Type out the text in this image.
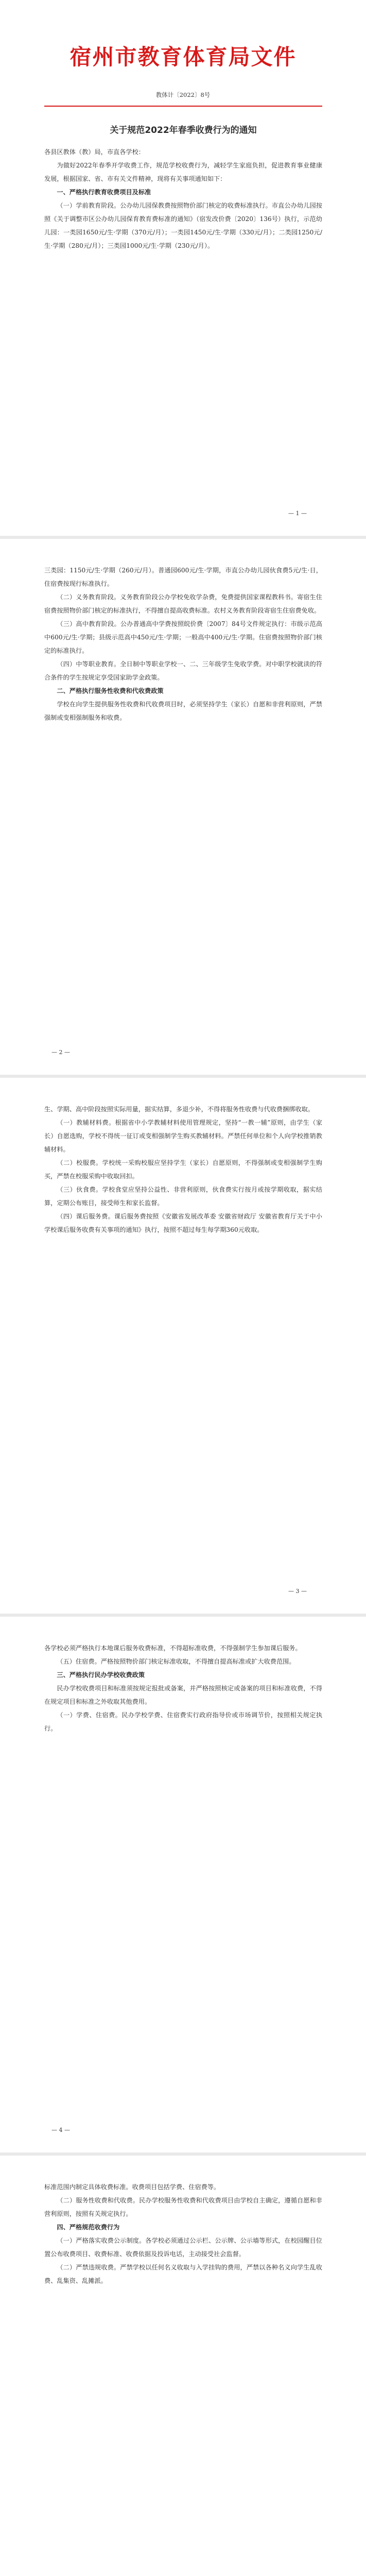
宿州市教育体育局文件
教体计〔2022〕8号
关于规范2022年春季收费行为的通知

各县区教体（教）局，市直各学校：

为做好2022年春季开学收费工作，规范学校收费行为，减轻学生家庭负担，促进教育事业健康发展，根据国家、省、市有关文件精神，现将有关事项通知如下：

一、严格执行教育收费项目及标准

（一）学前教育阶段。公办幼儿园保教费按照物价部门核定的收费标准执行。市直公办幼儿园按照《关于调整市区公办幼儿园保育教育费标准的通知》（宿发改价费〔2020〕136号）执行，示范幼儿园：一类园1650元/生·学期（370元/月）；一类园1450元/生·学期（330元/月）；二类园1250元/生·学期（280元/月）；三类园1000元/生·学期（230元/月）。

— 1 —

三类园：1150元/生·学期（260元/月）。普通园600元/生·学期，市直公办幼儿园伙食费5元/生·日，住宿费按现行标准执行。

（二）义务教育阶段。义务教育阶段公办学校免收学杂费，免费提供国家课程教科书。寄宿生住宿费按照物价部门核定的标准执行，不得擅自提高收费标准。农村义务教育阶段寄宿生住宿费免收。

（三）高中教育阶段。公办普通高中学费按照皖价费〔2007〕84号文件规定执行：市级示范高中600元/生·学期；县级示范高中450元/生·学期；一般高中400元/生·学期。住宿费按照物价部门核定的标准执行。

（四）中等职业教育。全日制中等职业学校一、二、三年级学生免收学费。对中职学校就读的符合条件的学生按规定享受国家助学金政策。

二、严格执行服务性收费和代收费政策

学校在向学生提供服务性收费和代收费项目时，必须坚持学生（家长）自愿和非营利原则，严禁强制或变相强制服务和收费。

— 2 —

生、学期、高中阶段按照实际用量，据实结算，多退少补，不得将服务性收费与代收费捆绑收取。

（一）教辅材料费。根据省中小学教辅材料使用管理规定，坚持“一教一辅”原则，由学生（家长）自愿选购，学校不得统一征订或变相强制学生购买教辅材料。严禁任何单位和个人向学校推销教辅材料。

（二）校服费。学校统一采购校服应坚持学生（家长）自愿原则，不得强制或变相强制学生购买，严禁在校服采购中收取回扣。

（三）伙食费。学校食堂应坚持公益性、非营利原则，伙食费实行按月或按学期收取，据实结算，定期公布账目，接受师生和家长监督。

（四）课后服务费。课后服务费按照《安徽省发展改革委 安徽省财政厅 安徽省教育厅关于中小学校课后服务收费有关事项的通知》执行，按照不超过每生每学期360元收取。

— 3 —

各学校必须严格执行本地课后服务收费标准，不得超标准收费，不得强制学生参加课后服务。

（五）住宿费。严格按照物价部门核定标准收取，不得擅自提高标准或扩大收费范围。

三、严格执行民办学校收费政策

民办学校收费项目和标准须按规定报批或备案，并严格按照核定或备案的项目和标准收费，不得在规定项目和标准之外收取其他费用。

（一）学费、住宿费。民办学校学费、住宿费实行政府指导价或市场调节价，按照相关规定执行。

— 4 —

标准范围内制定具体收费标准。收费项目包括学费、住宿费等。

（二）服务性收费和代收费。民办学校服务性收费和代收费项目由学校自主确定，遵循自愿和非营利原则，按照有关规定执行。

四、严格规范收费行为

（一）严格落实收费公示制度。各学校必须通过公示栏、公示牌、公示墙等形式，在校园醒目位置公布收费项目、收费标准、收费依据及投诉电话，主动接受社会监督。

（二）严禁违规收费。严禁学校以任何名义收取与入学挂钩的费用，严禁以各种名义向学生乱收费、乱集资、乱摊派。
